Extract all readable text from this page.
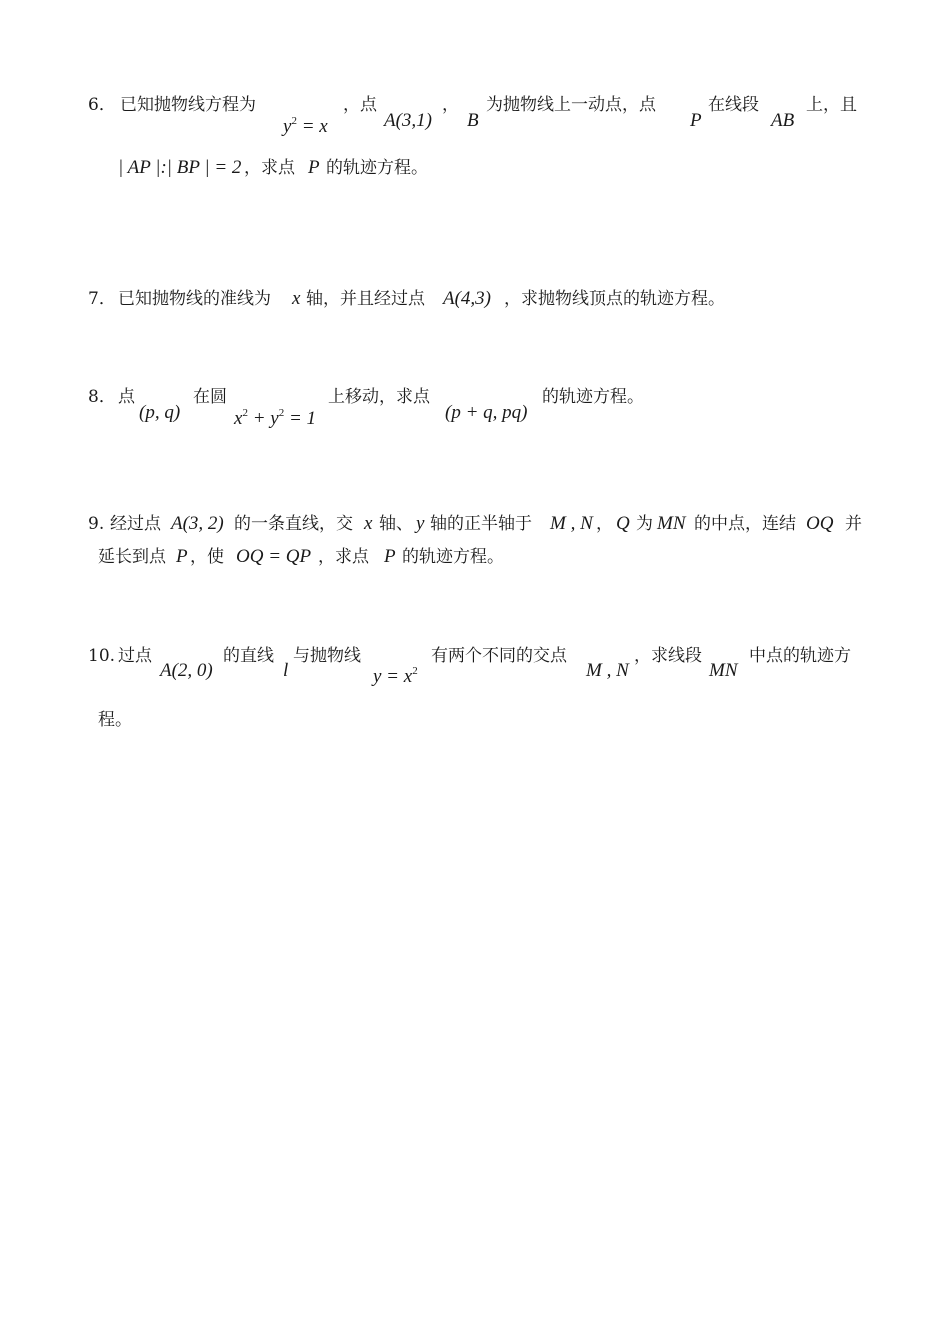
6． 已知抛物线方程为
$y^2 = x$
，点
A(3,1)
，
B
为抛物线上一动点，点
P
在线段
AB
上，且
| AP |:| BP | = 2 ，求点 P 的轨迹方程。
7． 已知抛物线的准线为 x 轴，并且经过点 A(4,3) ，求抛物线顶点的轨迹方程。
8． 点
(p, q)
在圆
$x^2 + y^2 = 1$
上移动，求点
(p + q, pq)
的轨迹方程。
9. 经过点 A(3, 2) 的一条直线，交 x 轴、 y 轴的正半轴于 M , N ， Q 为 MN 的中点，连结 OQ 并
延长到点 P ，使 OQ = QP ，求点 P 的轨迹方程。
10. 过点
A(2, 0)
的直线
l
与抛物线
$y = x^2$
有两个不同的交点
M , N
，求线段
MN
中点的轨迹方
程。
